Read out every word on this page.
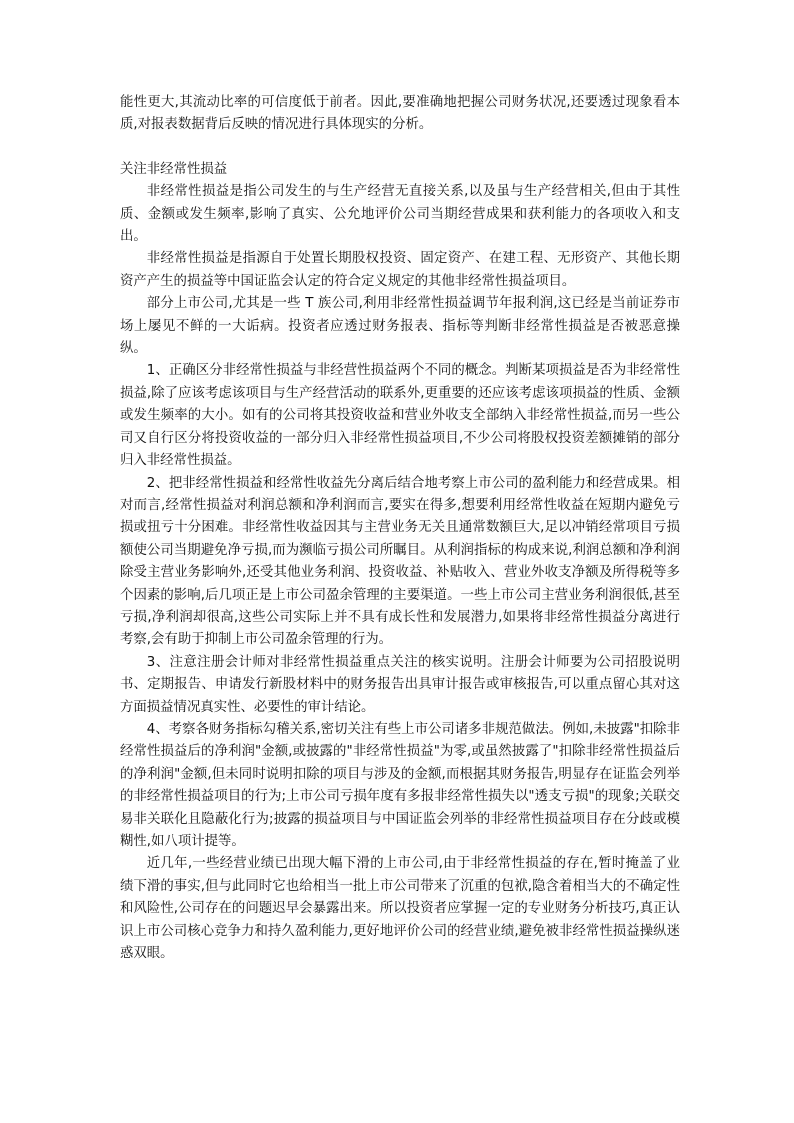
能性更大,其流动比率的可信度低于前者。因此,要准确地把握公司财务状况,还要透过现象看本质,对报表数据背后反映的情况进行具体现实的分析。

关注非经常性损益

非经常性损益是指公司发生的与生产经营无直接关系,以及虽与生产经营相关,但由于其性质、金额或发生频率,影响了真实、公允地评价公司当期经营成果和获利能力的各项收入和支出。

非经常性损益是指源自于处置长期股权投资、固定资产、在建工程、无形资产、其他长期资产产生的损益等中国证监会认定的符合定义规定的其他非经常性损益项目。

部分上市公司,尤其是一些 T 族公司,利用非经常性损益调节年报利润,这已经是当前证券市场上屡见不鲜的一大诟病。投资者应透过财务报表、指标等判断非经常性损益是否被恶意操纵。

1、正确区分非经常性损益与非经营性损益两个不同的概念。判断某项损益是否为非经常性损益,除了应该考虑该项目与生产经营活动的联系外,更重要的还应该考虑该项损益的性质、金额或发生频率的大小。如有的公司将其投资收益和营业外收支全部纳入非经常性损益,而另一些公司又自行区分将投资收益的一部分归入非经常性损益项目,不少公司将股权投资差额摊销的部分归入非经常性损益。

2、把非经常性损益和经常性收益先分离后结合地考察上市公司的盈利能力和经营成果。相对而言,经常性损益对利润总额和净利润而言,要实在得多,想要利用经常性收益在短期内避免亏损或扭亏十分困难。非经常性收益因其与主营业务无关且通常数额巨大,足以冲销经常项目亏损额使公司当期避免净亏损,而为濒临亏损公司所瞩目。从利润指标的构成来说,利润总额和净利润除受主营业务影响外,还受其他业务利润、投资收益、补贴收入、营业外收支净额及所得税等多个因素的影响,后几项正是上市公司盈余管理的主要渠道。一些上市公司主营业务利润很低,甚至亏损,净利润却很高,这些公司实际上并不具有成长性和发展潜力,如果将非经常性损益分离进行考察,会有助于抑制上市公司盈余管理的行为。

3、注意注册会计师对非经常性损益重点关注的核实说明。注册会计师要为公司招股说明书、定期报告、申请发行新股材料中的财务报告出具审计报告或审核报告,可以重点留心其对这方面损益情况真实性、必要性的审计结论。

4、考察各财务指标勾稽关系,密切关注有些上市公司诸多非规范做法。例如,未披露"扣除非经常性损益后的净利润"金额,或披露的"非经常性损益"为零,或虽然披露了"扣除非经常性损益后的净利润"金额,但未同时说明扣除的项目与涉及的金额,而根据其财务报告,明显存在证监会列举的非经常性损益项目的行为;上市公司亏损年度有多报非经常性损失以"透支亏损"的现象;关联交易非关联化且隐蔽化行为;披露的损益项目与中国证监会列举的非经常性损益项目存在分歧或模糊性,如八项计提等。

近几年,一些经营业绩已出现大幅下滑的上市公司,由于非经常性损益的存在,暂时掩盖了业绩下滑的事实,但与此同时它也给相当一批上市公司带来了沉重的包袱,隐含着相当大的不确定性和风险性,公司存在的问题迟早会暴露出来。所以投资者应掌握一定的专业财务分析技巧,真正认识上市公司核心竞争力和持久盈利能力,更好地评价公司的经营业绩,避免被非经常性损益操纵迷惑双眼。
